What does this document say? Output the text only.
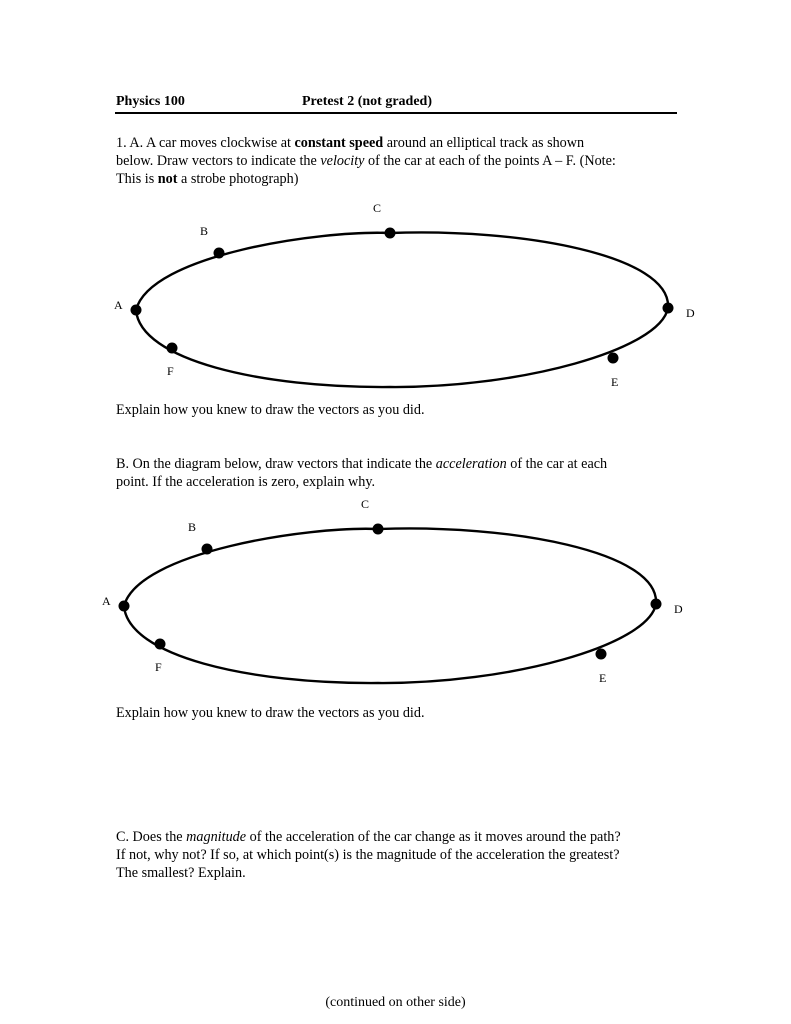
Physics 100	Pretest 2 (not graded)
1. A. A car moves clockwise at constant speed around an elliptical track as shown
below. Draw vectors to indicate the velocity of the car at each of the points A – F. (Note:
This is not a strobe photograph)
A
B
C
D
E
F
Explain how you knew to draw the vectors as you did.
B. On the diagram below, draw vectors that indicate the acceleration of the car at each
point. If the acceleration is zero, explain why.
A
B
C
D
E
F
Explain how you knew to draw the vectors as you did.
C. Does the magnitude of the acceleration of the car change as it moves around the path?
If not, why not? If so, at which point(s) is the magnitude of the acceleration the greatest?
The smallest? Explain.
(continued on other side)
